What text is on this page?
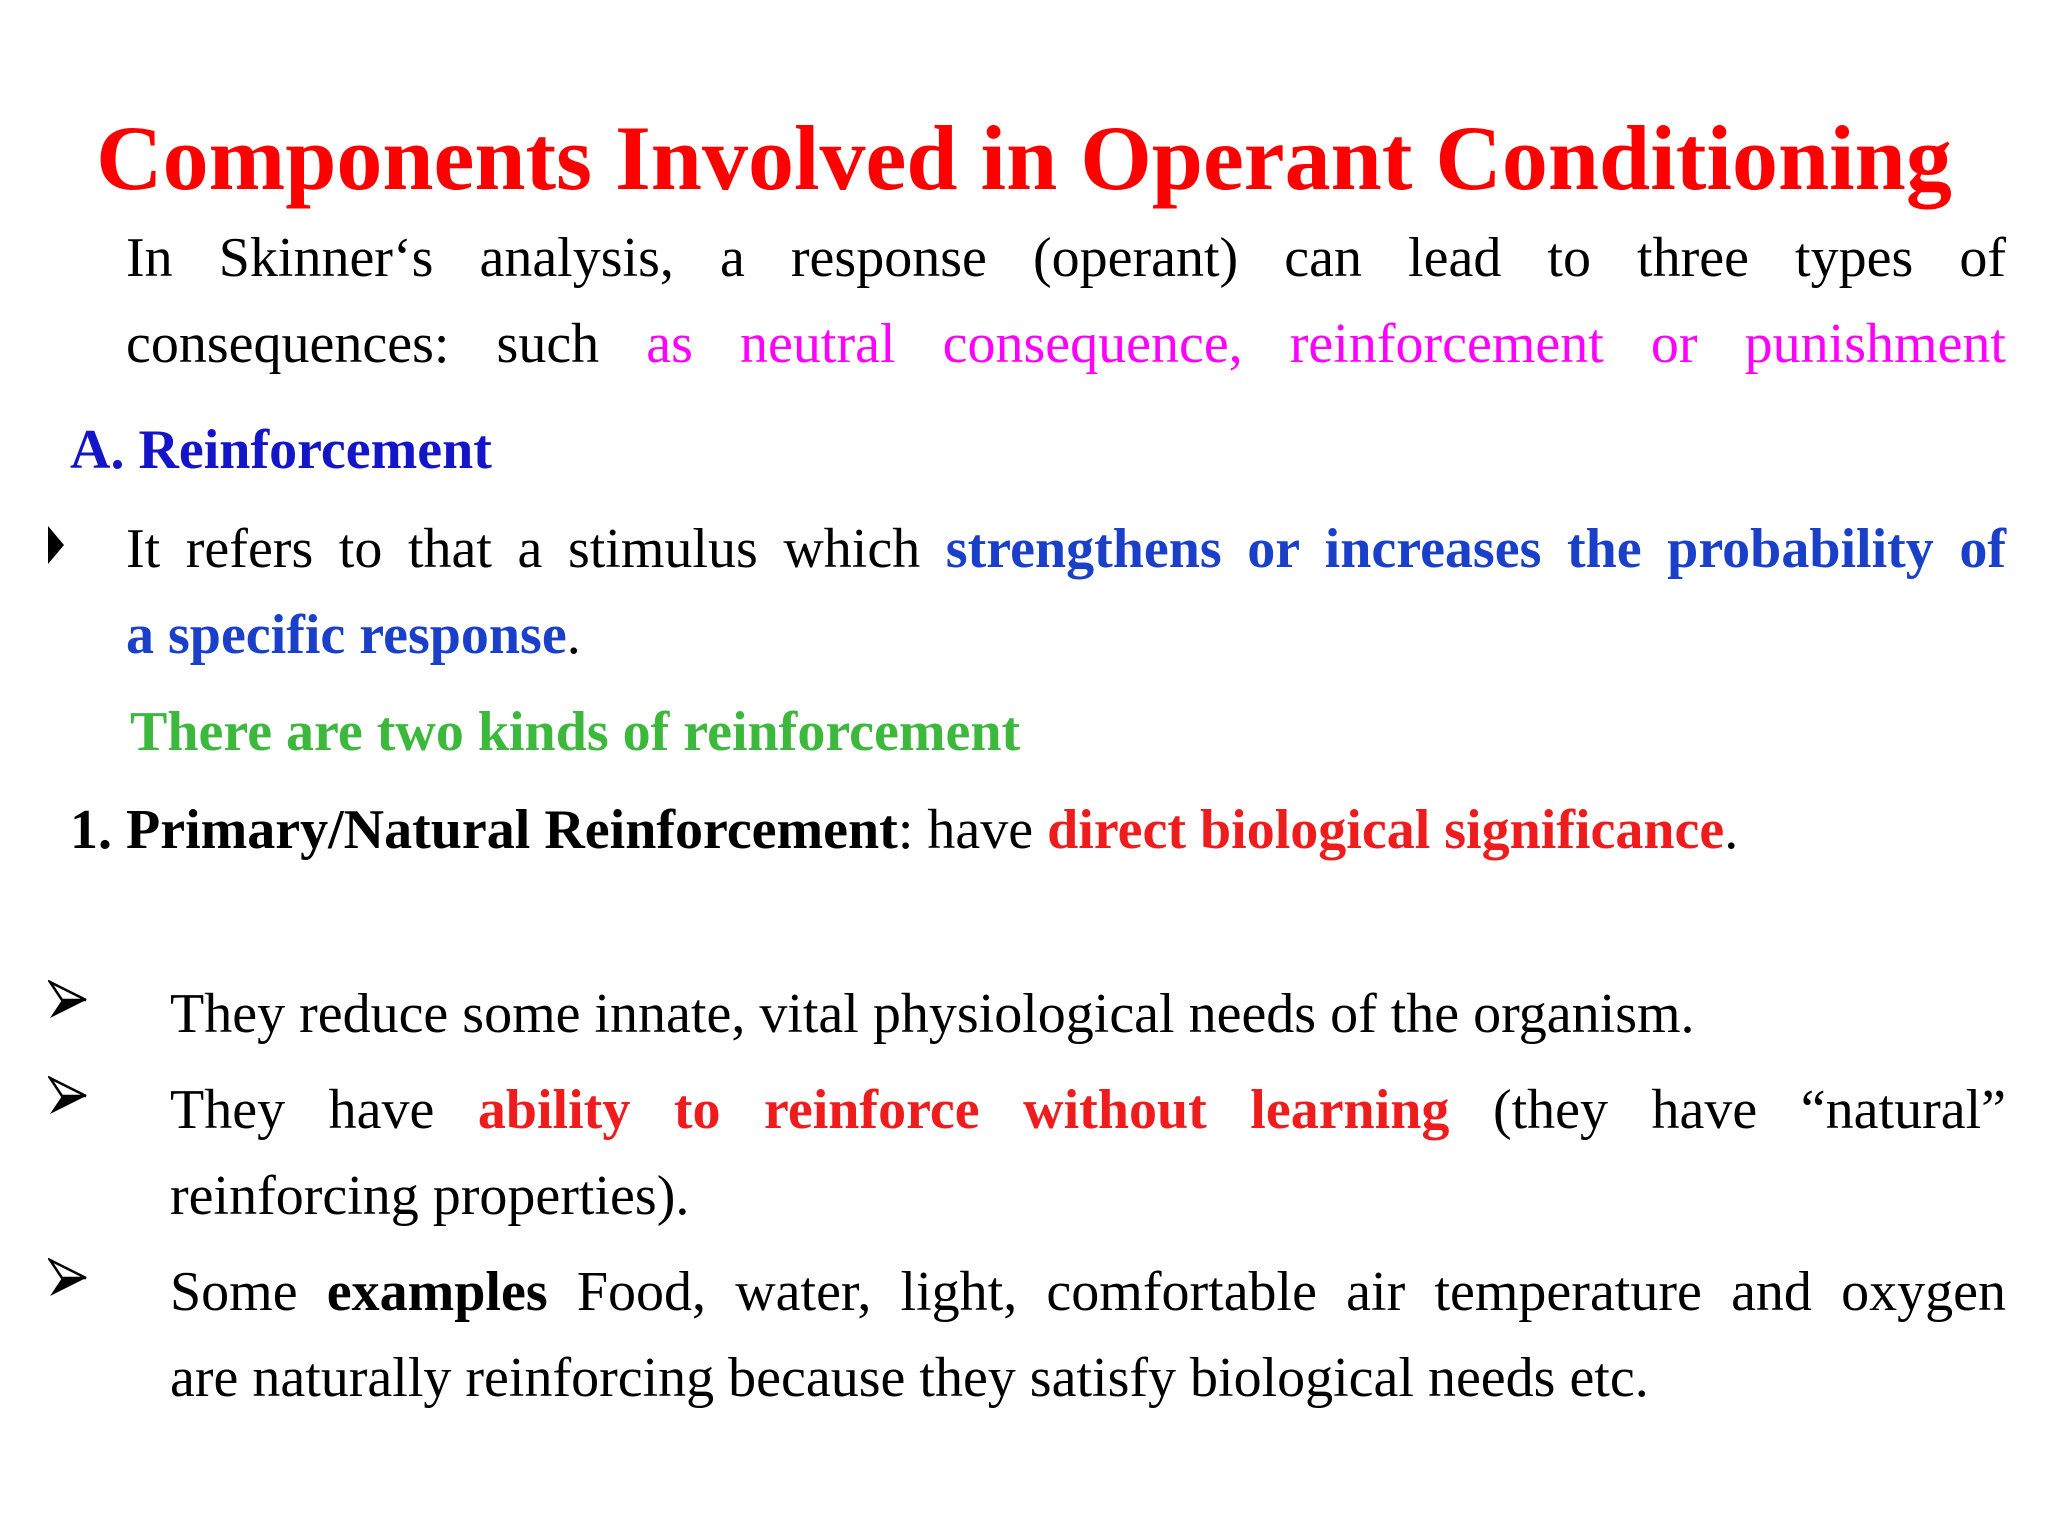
Components Involved in Operant Conditioning
In Skinner‘s analysis, a response (operant) can lead to three types of
consequences: such as neutral consequence, reinforcement or punishment
A. Reinforcement
It refers to that a stimulus which strengthens or increases the probability of
a specific response.
There are two kinds of reinforcement
1. Primary/Natural Reinforcement: have direct biological significance.
They reduce some innate, vital physiological needs of the organism.
They have ability to reinforce without learning (they have “natural”
reinforcing properties).
Some examples Food, water, light, comfortable air temperature and oxygen
are naturally reinforcing because they satisfy biological needs etc.
